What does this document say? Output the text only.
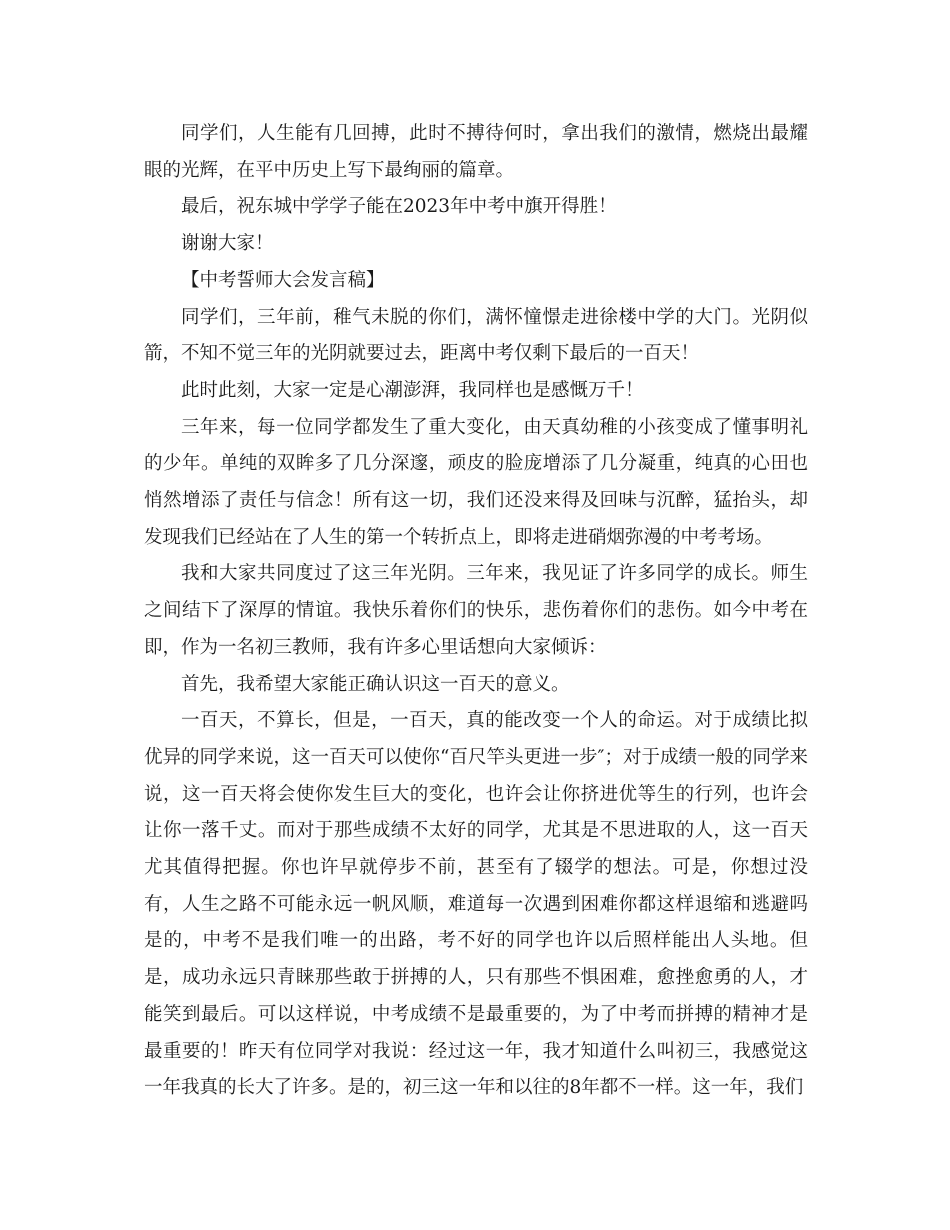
同学们，人生能有几回搏，此时不搏待何时，拿出我们的激情，燃烧出最耀眼的光辉，在平中历史上写下最绚丽的篇章。

最后，祝东城中学学子能在2023年中考中旗开得胜！

谢谢大家！

【中考誓师大会发言稿】

同学们，三年前，稚气未脱的你们，满怀憧憬走进徐楼中学的大门。光阴似箭，不知不觉三年的光阴就要过去，距离中考仅剩下最后的一百天！

此时此刻，大家一定是心潮澎湃，我同样也是感慨万千！

三年来，每一位同学都发生了重大变化，由天真幼稚的小孩变成了懂事明礼的少年。单纯的双眸多了几分深邃，顽皮的脸庞增添了几分凝重，纯真的心田也悄然增添了责任与信念！所有这一切，我们还没来得及回味与沉醉，猛抬头，却发现我们已经站在了人生的第一个转折点上，即将走进硝烟弥漫的中考考场。

我和大家共同度过了这三年光阴。三年来，我见证了许多同学的成长。师生之间结下了深厚的情谊。我快乐着你们的快乐，悲伤着你们的悲伤。如今中考在即，作为一名初三教师，我有许多心里话想向大家倾诉：

首先，我希望大家能正确认识这一百天的意义。

一百天，不算长，但是，一百天，真的能改变一个人的命运。对于成绩比拟优异的同学来说，这一百天可以使你“百尺竿头更进一步″；对于成绩一般的同学来说，这一百天将会使你发生巨大的变化，也许会让你挤进优等生的行列，也许会让你一落千丈。而对于那些成绩不太好的同学，尤其是不思进取的人，这一百天尤其值得把握。你也许早就停步不前，甚至有了辍学的想法。可是，你想过没有，人生之路不可能永远一帆风顺，难道每一次遇到困难你都这样退缩和逃避吗是的，中考不是我们唯一的出路，考不好的同学也许以后照样能出人头地。但是，成功永远只青睐那些敢于拼搏的人，只有那些不惧困难，愈挫愈勇的人，才能笑到最后。可以这样说，中考成绩不是最重要的，为了中考而拼搏的精神才是最重要的！昨天有位同学对我说：经过这一年，我才知道什么叫初三，我感觉这一年我真的长大了许多。是的，初三这一年和以往的8年都不一样。这一年，我们
